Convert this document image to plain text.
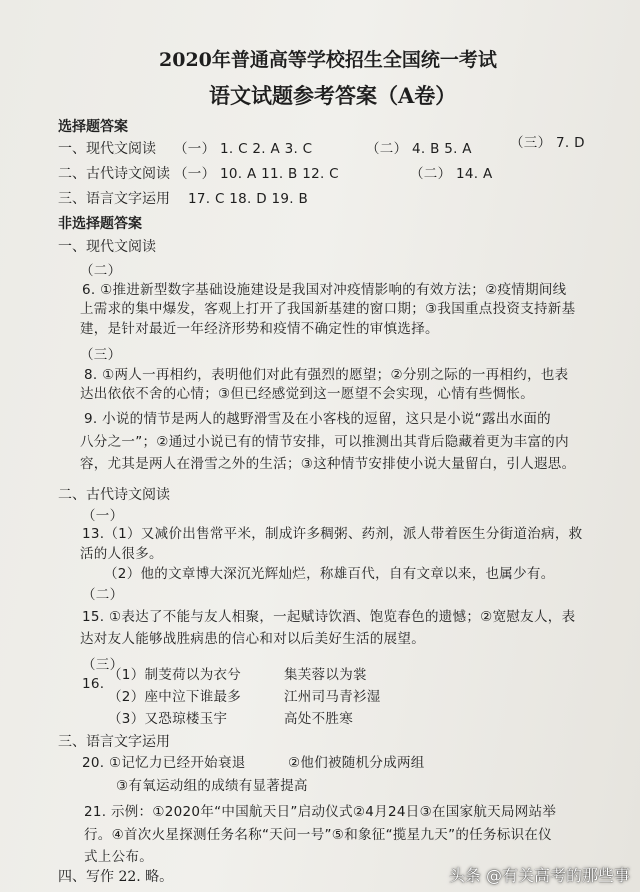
2020年普通高等学校招生全国统一考试
语文试题参考答案（A卷）
选择题答案
一、现代文阅读 （一） 1. C 2. A 3. C	（二） 4. B 5. A	（三） 7. D
二、古代诗文阅读 （一） 10. A 11. B 12. C	（二） 14. A
三、语言文字运用 17. C 18. D 19. B
非选择题答案
一、现代文阅读
（二）
6. ①推进新型数字基础设施建设是我国对冲疫情影响的有效方法；②疫情期间线
上需求的集中爆发，客观上打开了我国新基建的窗口期；③我国重点投资支持新基
建，是针对最近一年经济形势和疫情不确定性的审慎选择。
（三）
8. ①两人一再相约，表明他们对此有强烈的愿望；②分别之际的一再相约，也表
达出依依不舍的心情；③但已经感觉到这一愿望不会实现，心情有些惆怅。
9. 小说的情节是两人的越野滑雪及在小客栈的逗留，这只是小说“露出水面的
八分之一”；②通过小说已有的情节安排，可以推测出其背后隐藏着更为丰富的内
容，尤其是两人在滑雪之外的生活；③这种情节安排使小说大量留白，引人遐思。
二、古代诗文阅读
（一）
13.（1）又减价出售常平米，制成许多稠粥、药剂，派人带着医生分街道治病，救
活的人很多。
（2）他的文章博大深沉光辉灿烂，称雄百代，自有文章以来，也属少有。
（二）
15. ①表达了不能与友人相聚，一起赋诗饮酒、饱览春色的遗憾；②宽慰友人，表
达对友人能够战胜病患的信心和对以后美好生活的展望。
（三）
16.
（1）制芰荷以为衣兮	集芙蓉以为裳
（2）座中泣下谁最多	江州司马青衫湿
（3）又恐琼楼玉宇	高处不胜寒
三、语言文字运用
20. ①记忆力已经开始衰退	②他们被随机分成两组
③有氧运动组的成绩有显著提高
21. 示例：①2020年“中国航天日”启动仪式②4月24日③在国家航天局网站举
行。④首次火星探测任务名称“天问一号”⑤和象征“揽星九天”的任务标识在仪
式上公布。
四、写作 22. 略。	头条 @有关高考的那些事
